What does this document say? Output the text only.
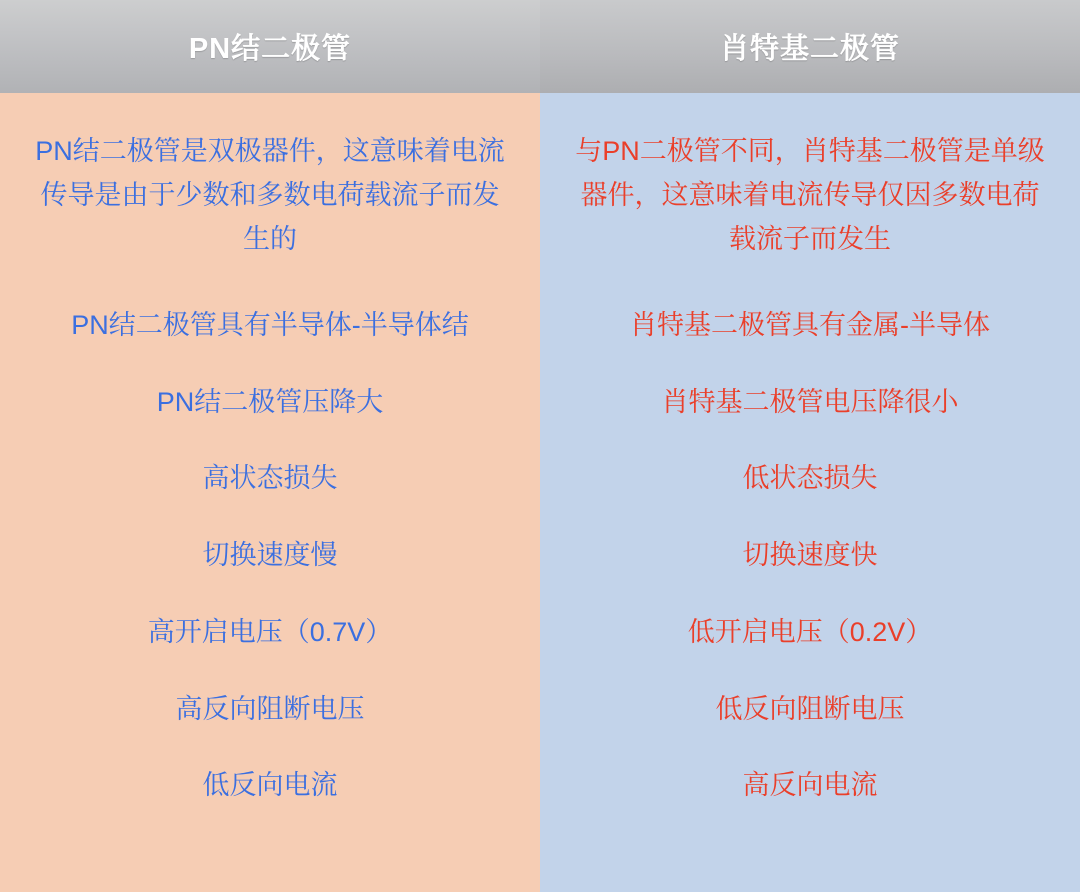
PN结二极管	肖特基二极管
PN结二极管是双极器件，这意味着电流传导是由于少数和多数电荷载流子而发生的
PN结二极管具有半导体-半导体结
PN结二极管压降大
高状态损失
切换速度慢
高开启电压（0.7V）
高反向阻断电压
低反向电流
与PN二极管不同，肖特基二极管是单级器件，这意味着电流传导仅因多数电荷载流子而发生
肖特基二极管具有金属-半导体
肖特基二极管电压降很小
低状态损失
切换速度快
低开启电压（0.2V）
低反向阻断电压
高反向电流
